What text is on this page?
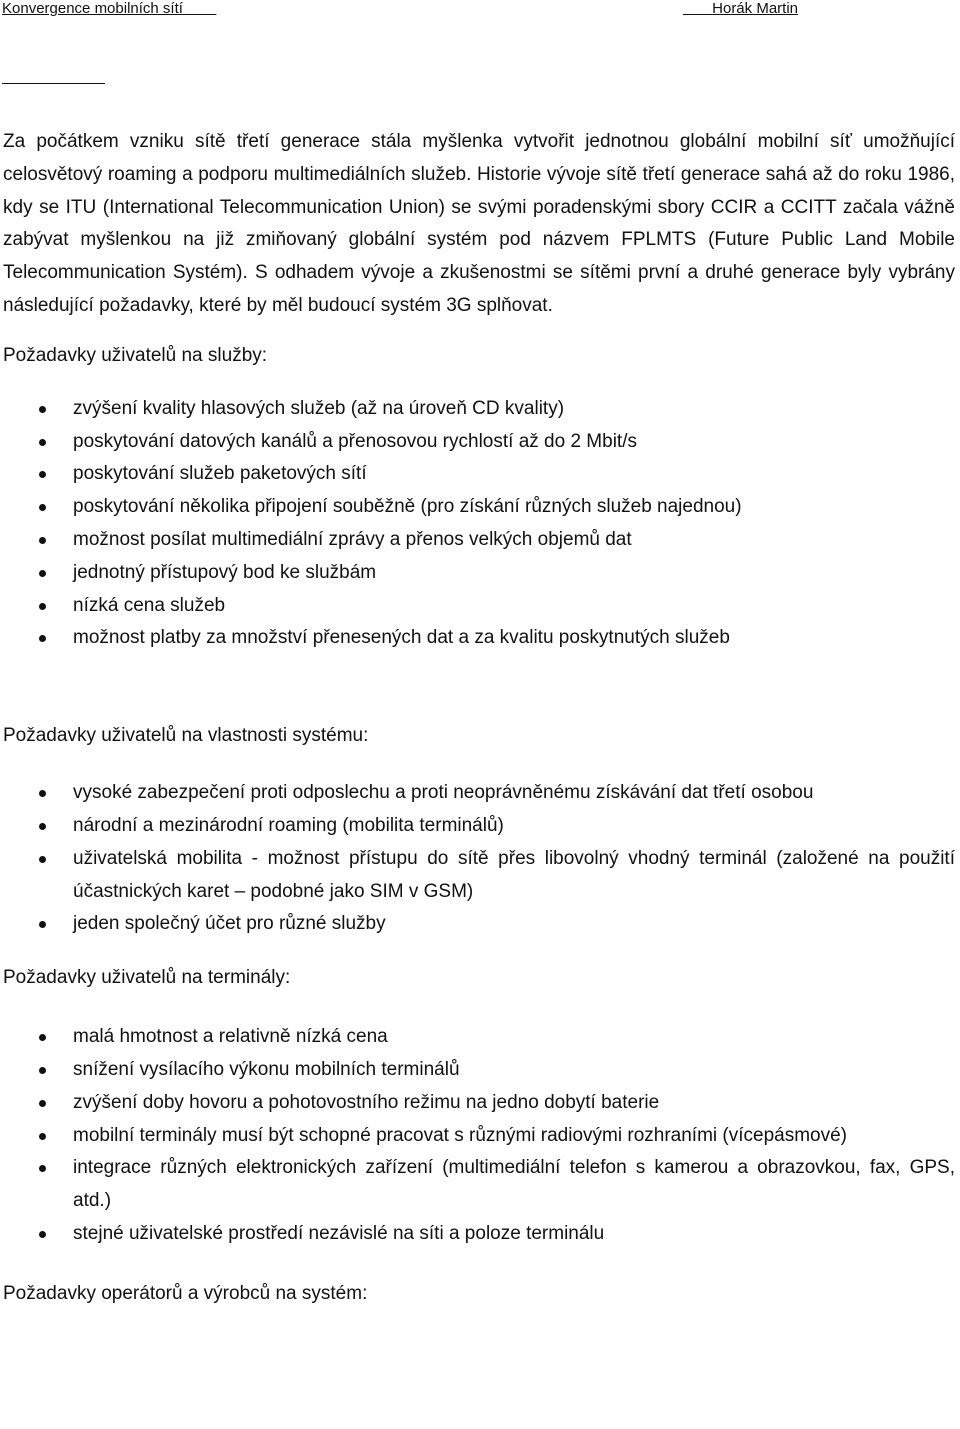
Konvergence mobilních sítí	Horák Martin

Za počátkem vzniku sítě třetí generace stála myšlenka vytvořit jednotnou globální mobilní síť umožňující celosvětový roaming a podporu multimediálních služeb. Historie vývoje sítě třetí generace sahá až do roku 1986, kdy se ITU (International Telecommunication Union) se svými poradenskými sbory CCIR a CCITT začala vážně zabývat myšlenkou na již zmiňovaný globální systém pod názvem FPLMTS (Future Public Land Mobile Telecommunication Systém). S odhadem vývoje a zkušenostmi se sítěmi první a druhé generace byly vybrány následující požadavky, které by měl budoucí systém 3G splňovat.

Požadavky uživatelů na služby:
zvýšení kvality hlasových služeb (až na úroveň CD kvality)
poskytování datových kanálů a přenosovou rychlostí až do 2 Mbit/s
poskytování služeb paketových sítí
poskytování několika připojení souběžně (pro získání různých služeb najednou)
možnost posílat multimediální zprávy a přenos velkých objemů dat
jednotný přístupový bod ke službám
nízká cena služeb
možnost platby za množství přenesených dat a za kvalitu poskytnutých služeb
Požadavky uživatelů na vlastnosti systému:
vysoké zabezpečení proti odposlechu a proti neoprávněnému získávání dat třetí osobou
národní a mezinárodní roaming (mobilita terminálů)
uživatelská mobilita - možnost přístupu do sítě přes libovolný vhodný terminál (založené na použití účastnických karet – podobné jako SIM v GSM)
jeden společný účet pro různé služby
Požadavky uživatelů na terminály:
malá hmotnost a relativně nízká cena
snížení vysílacího výkonu mobilních terminálů
zvýšení doby hovoru a pohotovostního režimu na jedno dobytí baterie
mobilní terminály musí být schopné pracovat s různými radiovými rozhraními (vícepásmové)
integrace různých elektronických zařízení (multimediální telefon s kamerou a obrazovkou, fax, GPS, atd.)
stejné uživatelské prostředí nezávislé na síti a poloze terminálu
Požadavky operátorů a výrobců na systém:
